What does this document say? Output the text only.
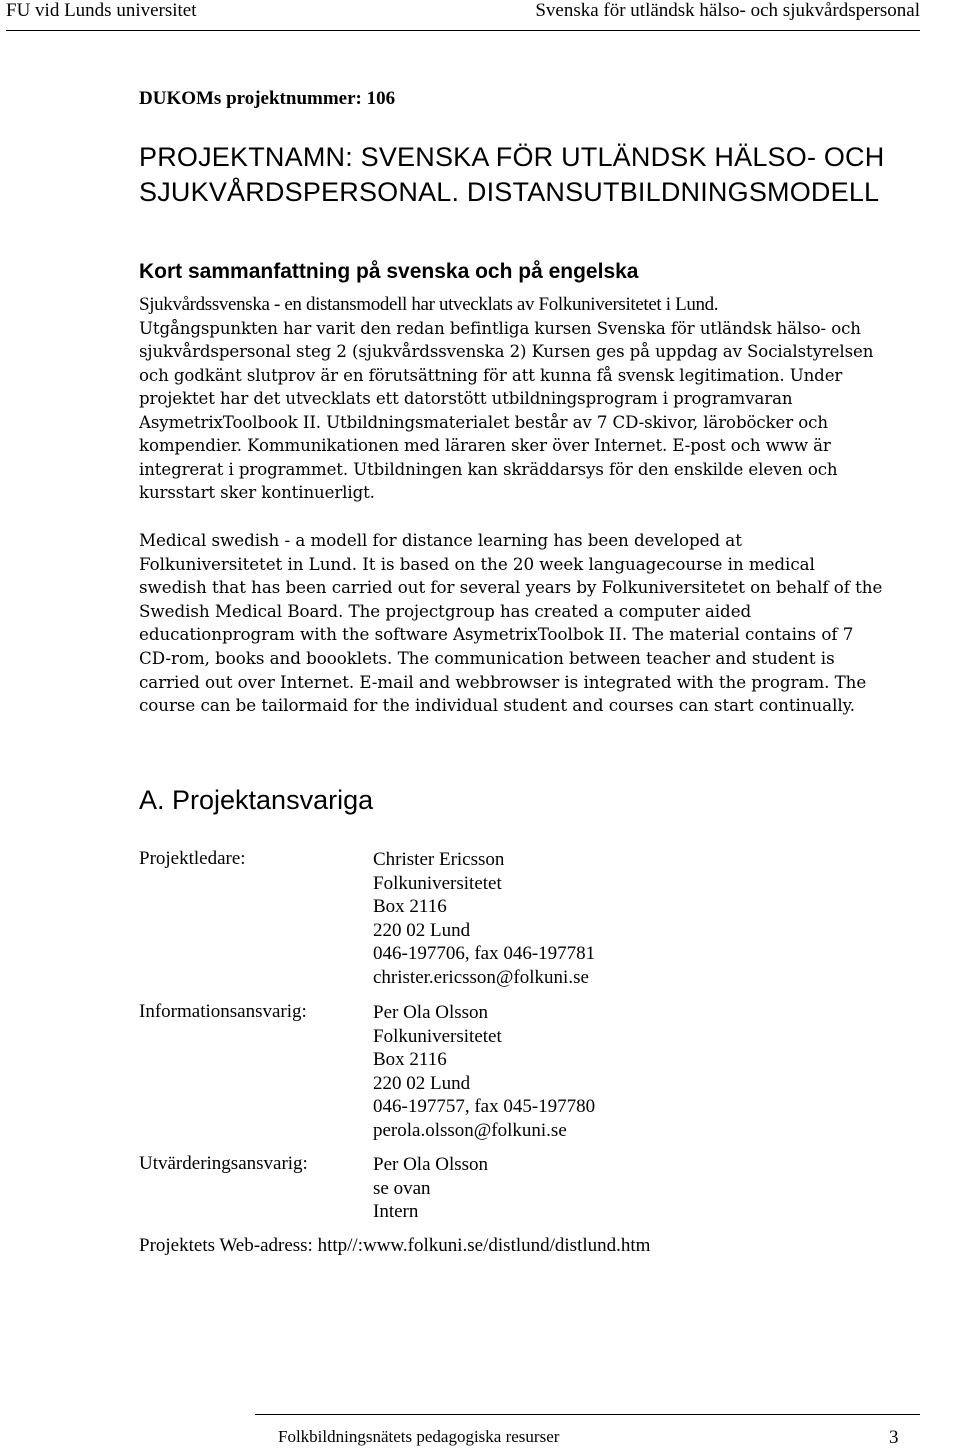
FU vid Lunds universitet	Svenska för utländsk hälso- och sjukvårdspersonal
DUKOMs projektnummer: 106
PROJEKTNAMN: SVENSKA FÖR UTLÄNDSK HÄLSO- OCH
SJUKVÅRDSPERSONAL. DISTANSUTBILDNINGSMODELL
Kort sammanfattning på svenska och på engelska

Sjukvårdssvenska - en distansmodell har utvecklats av Folkuniversitetet i Lund.

Utgångspunkten har varit den redan befintliga kursen Svenska för utländsk hälso- och sjukvårdspersonal steg 2 (sjukvårdssvenska 2) Kursen ges på uppdag av Socialstyrelsen och godkänt slutprov är en förutsättning för att kunna få svensk legitimation. Under projektet har det utvecklats ett datorstött utbildningsprogram i programvaran AsymetrixToolbook II. Utbildningsmaterialet består av 7 CD-skivor, läroböcker och kompendier. Kommunikationen med läraren sker över Internet. E-post och www är integrerat i programmet. Utbildningen kan skräddarsys för den enskilde eleven och kursstart sker kontinuerligt.

Medical swedish - a modell for distance learning has been developed at Folkuniversitetet in Lund. It is based on the 20 week languagecourse in medical swedish that has been carried out for several years by Folkuniversitetet on behalf of the Swedish Medical Board. The projectgroup has created a computer aided educationprogram with the software AsymetrixToolbok II. The material contains of 7 CD-rom, books and boooklets. The communication between teacher and student is carried out over Internet. E-mail and webbrowser is integrated with the program. The course can be tailormaid for the individual student and courses can start continually.
A. Projektansvariga
Projektledare:	Christer Ericsson
Folkuniversitetet
Box 2116
220 02 Lund
046-197706, fax 046-197781
christer.ericsson@folkuni.se
Informationsansvarig:	Per Ola Olsson
Folkuniversitetet
Box 2116
220 02 Lund
046-197757, fax 045-197780
perola.olsson@folkuni.se
Utvärderingsansvarig:	Per Ola Olsson
se ovan
Intern
Projektets Web-adress: http//:www.folkuni.se/distlund/distlund.htm
Folkbildningsnätets pedagogiska resurser	3
